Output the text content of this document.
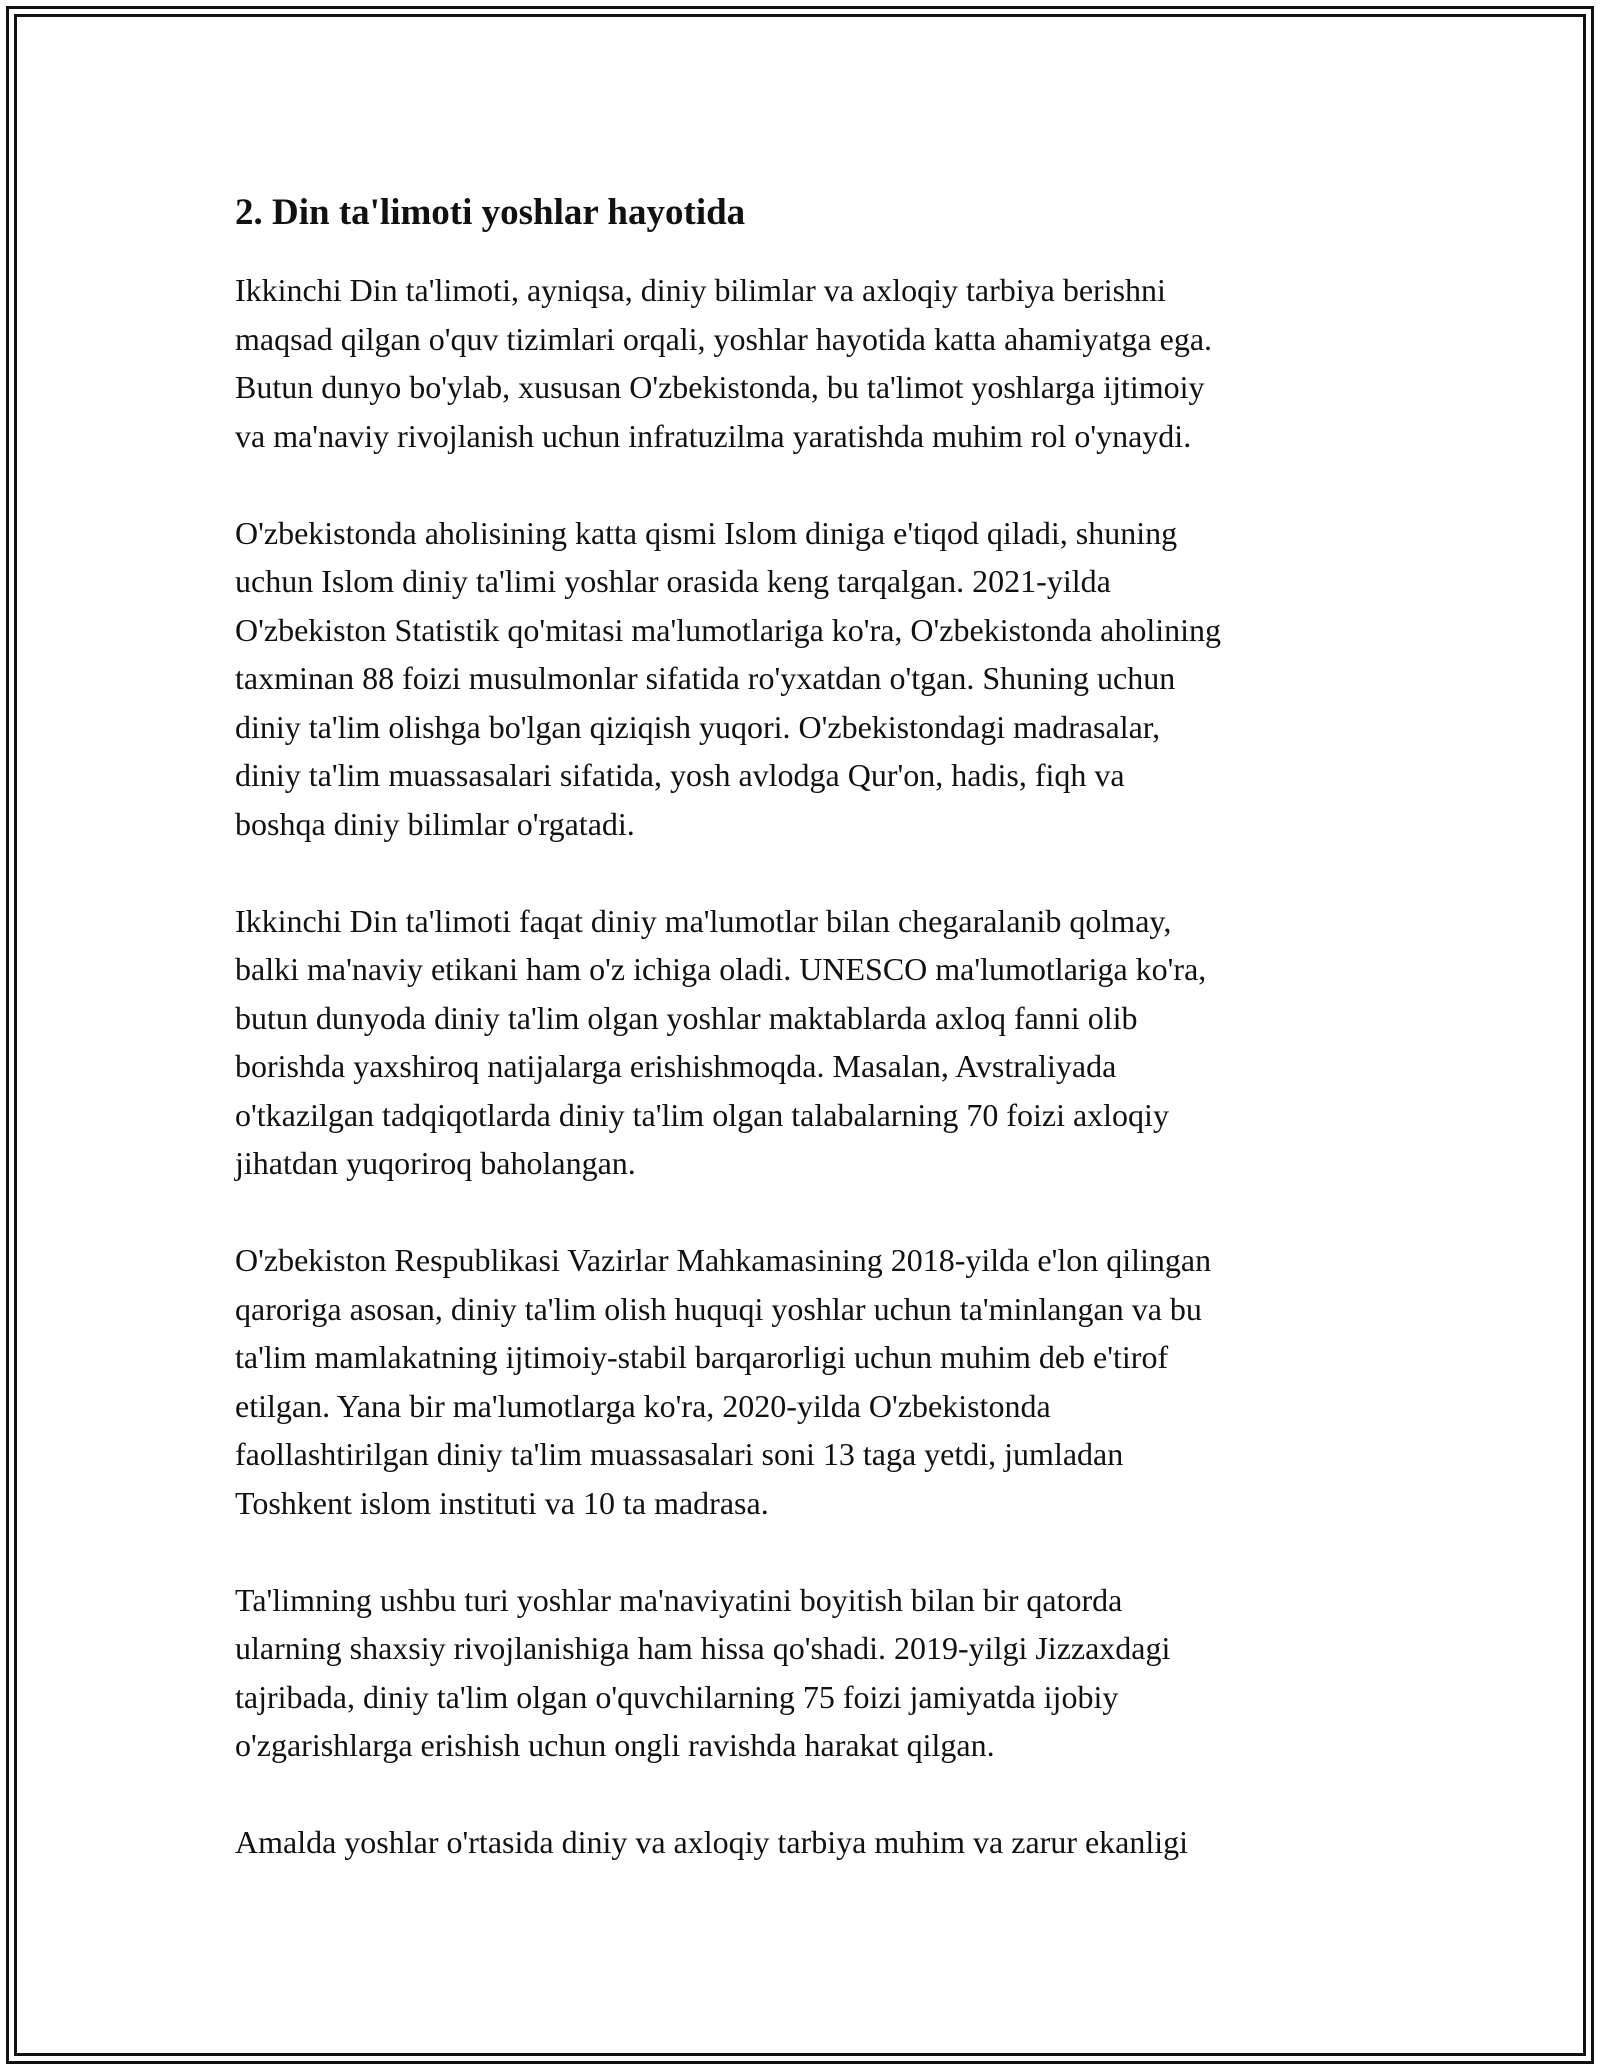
2. Din ta'limoti yoshlar hayotida

Ikkinchi Din ta'limoti, ayniqsa, diniy bilimlar va axloqiy tarbiya berishni
maqsad qilgan o'quv tizimlari orqali, yoshlar hayotida katta ahamiyatga ega.
Butun dunyo bo'ylab, xususan O'zbekistonda, bu ta'limot yoshlarga ijtimoiy
va ma'naviy rivojlanish uchun infratuzilma yaratishda muhim rol o'ynaydi.

O'zbekistonda aholisining katta qismi Islom diniga e'tiqod qiladi, shuning
uchun Islom diniy ta'limi yoshlar orasida keng tarqalgan. 2021-yilda
O'zbekiston Statistik qo'mitasi ma'lumotlariga ko'ra, O'zbekistonda aholining
taxminan 88 foizi musulmonlar sifatida ro'yxatdan o'tgan. Shuning uchun
diniy ta'lim olishga bo'lgan qiziqish yuqori. O'zbekistondagi madrasalar,
diniy ta'lim muassasalari sifatida, yosh avlodga Qur'on, hadis, fiqh va
boshqa diniy bilimlar o'rgatadi.

Ikkinchi Din ta'limoti faqat diniy ma'lumotlar bilan chegaralanib qolmay,
balki ma'naviy etikani ham o'z ichiga oladi. UNESCO ma'lumotlariga ko'ra,
butun dunyoda diniy ta'lim olgan yoshlar maktablarda axloq fanni olib
borishda yaxshiroq natijalarga erishishmoqda. Masalan, Avstraliyada
o'tkazilgan tadqiqotlarda diniy ta'lim olgan talabalarning 70 foizi axloqiy
jihatdan yuqoriroq baholangan.

O'zbekiston Respublikasi Vazirlar Mahkamasining 2018-yilda e'lon qilingan
qaroriga asosan, diniy ta'lim olish huquqi yoshlar uchun ta'minlangan va bu
ta'lim mamlakatning ijtimoiy-stabil barqarorligi uchun muhim deb e'tirof
etilgan. Yana bir ma'lumotlarga ko'ra, 2020-yilda O'zbekistonda
faollashtirilgan diniy ta'lim muassasalari soni 13 taga yetdi, jumladan
Toshkent islom instituti va 10 ta madrasa.

Ta'limning ushbu turi yoshlar ma'naviyatini boyitish bilan bir qatorda
ularning shaxsiy rivojlanishiga ham hissa qo'shadi. 2019-yilgi Jizzaxdagi
tajribada, diniy ta'lim olgan o'quvchilarning 75 foizi jamiyatda ijobiy
o'zgarishlarga erishish uchun ongli ravishda harakat qilgan.

Amalda yoshlar o'rtasida diniy va axloqiy tarbiya muhim va zarur ekanligi
